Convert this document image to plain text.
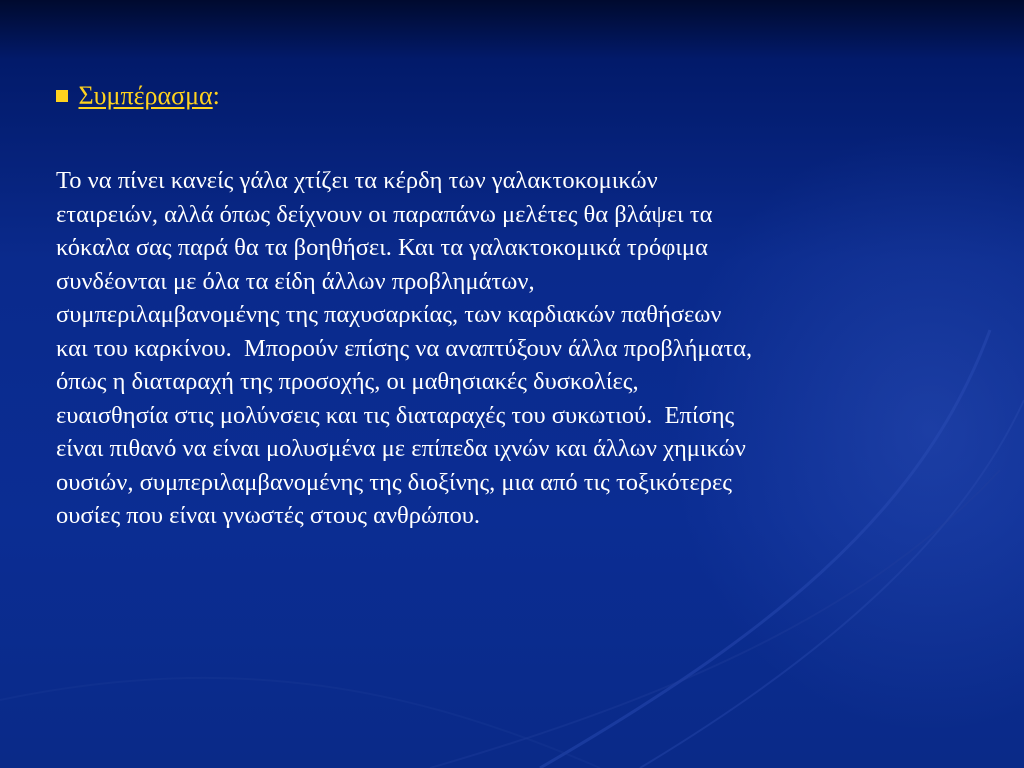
Συμπέρασμα:
Το να πίνει κανείς γάλα χτίζει τα κέρδη των γαλακτοκομικών
εταιρειών, αλλά όπως δείχνουν οι παραπάνω μελέτες θα βλάψει τα
κόκαλα σας παρά θα τα βοηθήσει. Και τα γαλακτοκομικά τρόφιμα
συνδέονται με όλα τα είδη άλλων προβλημάτων,
συμπεριλαμβανομένης της παχυσαρκίας, των καρδιακών παθήσεων
και του καρκίνου.  Μπορούν επίσης να αναπτύξουν άλλα προβλήματα,
όπως η διαταραχή της προσοχής, οι μαθησιακές δυσκολίες,
ευαισθησία στις μολύνσεις και τις διαταραχές του συκωτιού.  Επίσης
είναι πιθανό να είναι μολυσμένα με επίπεδα ιχνών και άλλων χημικών
ουσιών, συμπεριλαμβανομένης της διοξίνης, μια από τις τοξικότερες
ουσίες που είναι γνωστές στους ανθρώπου.
